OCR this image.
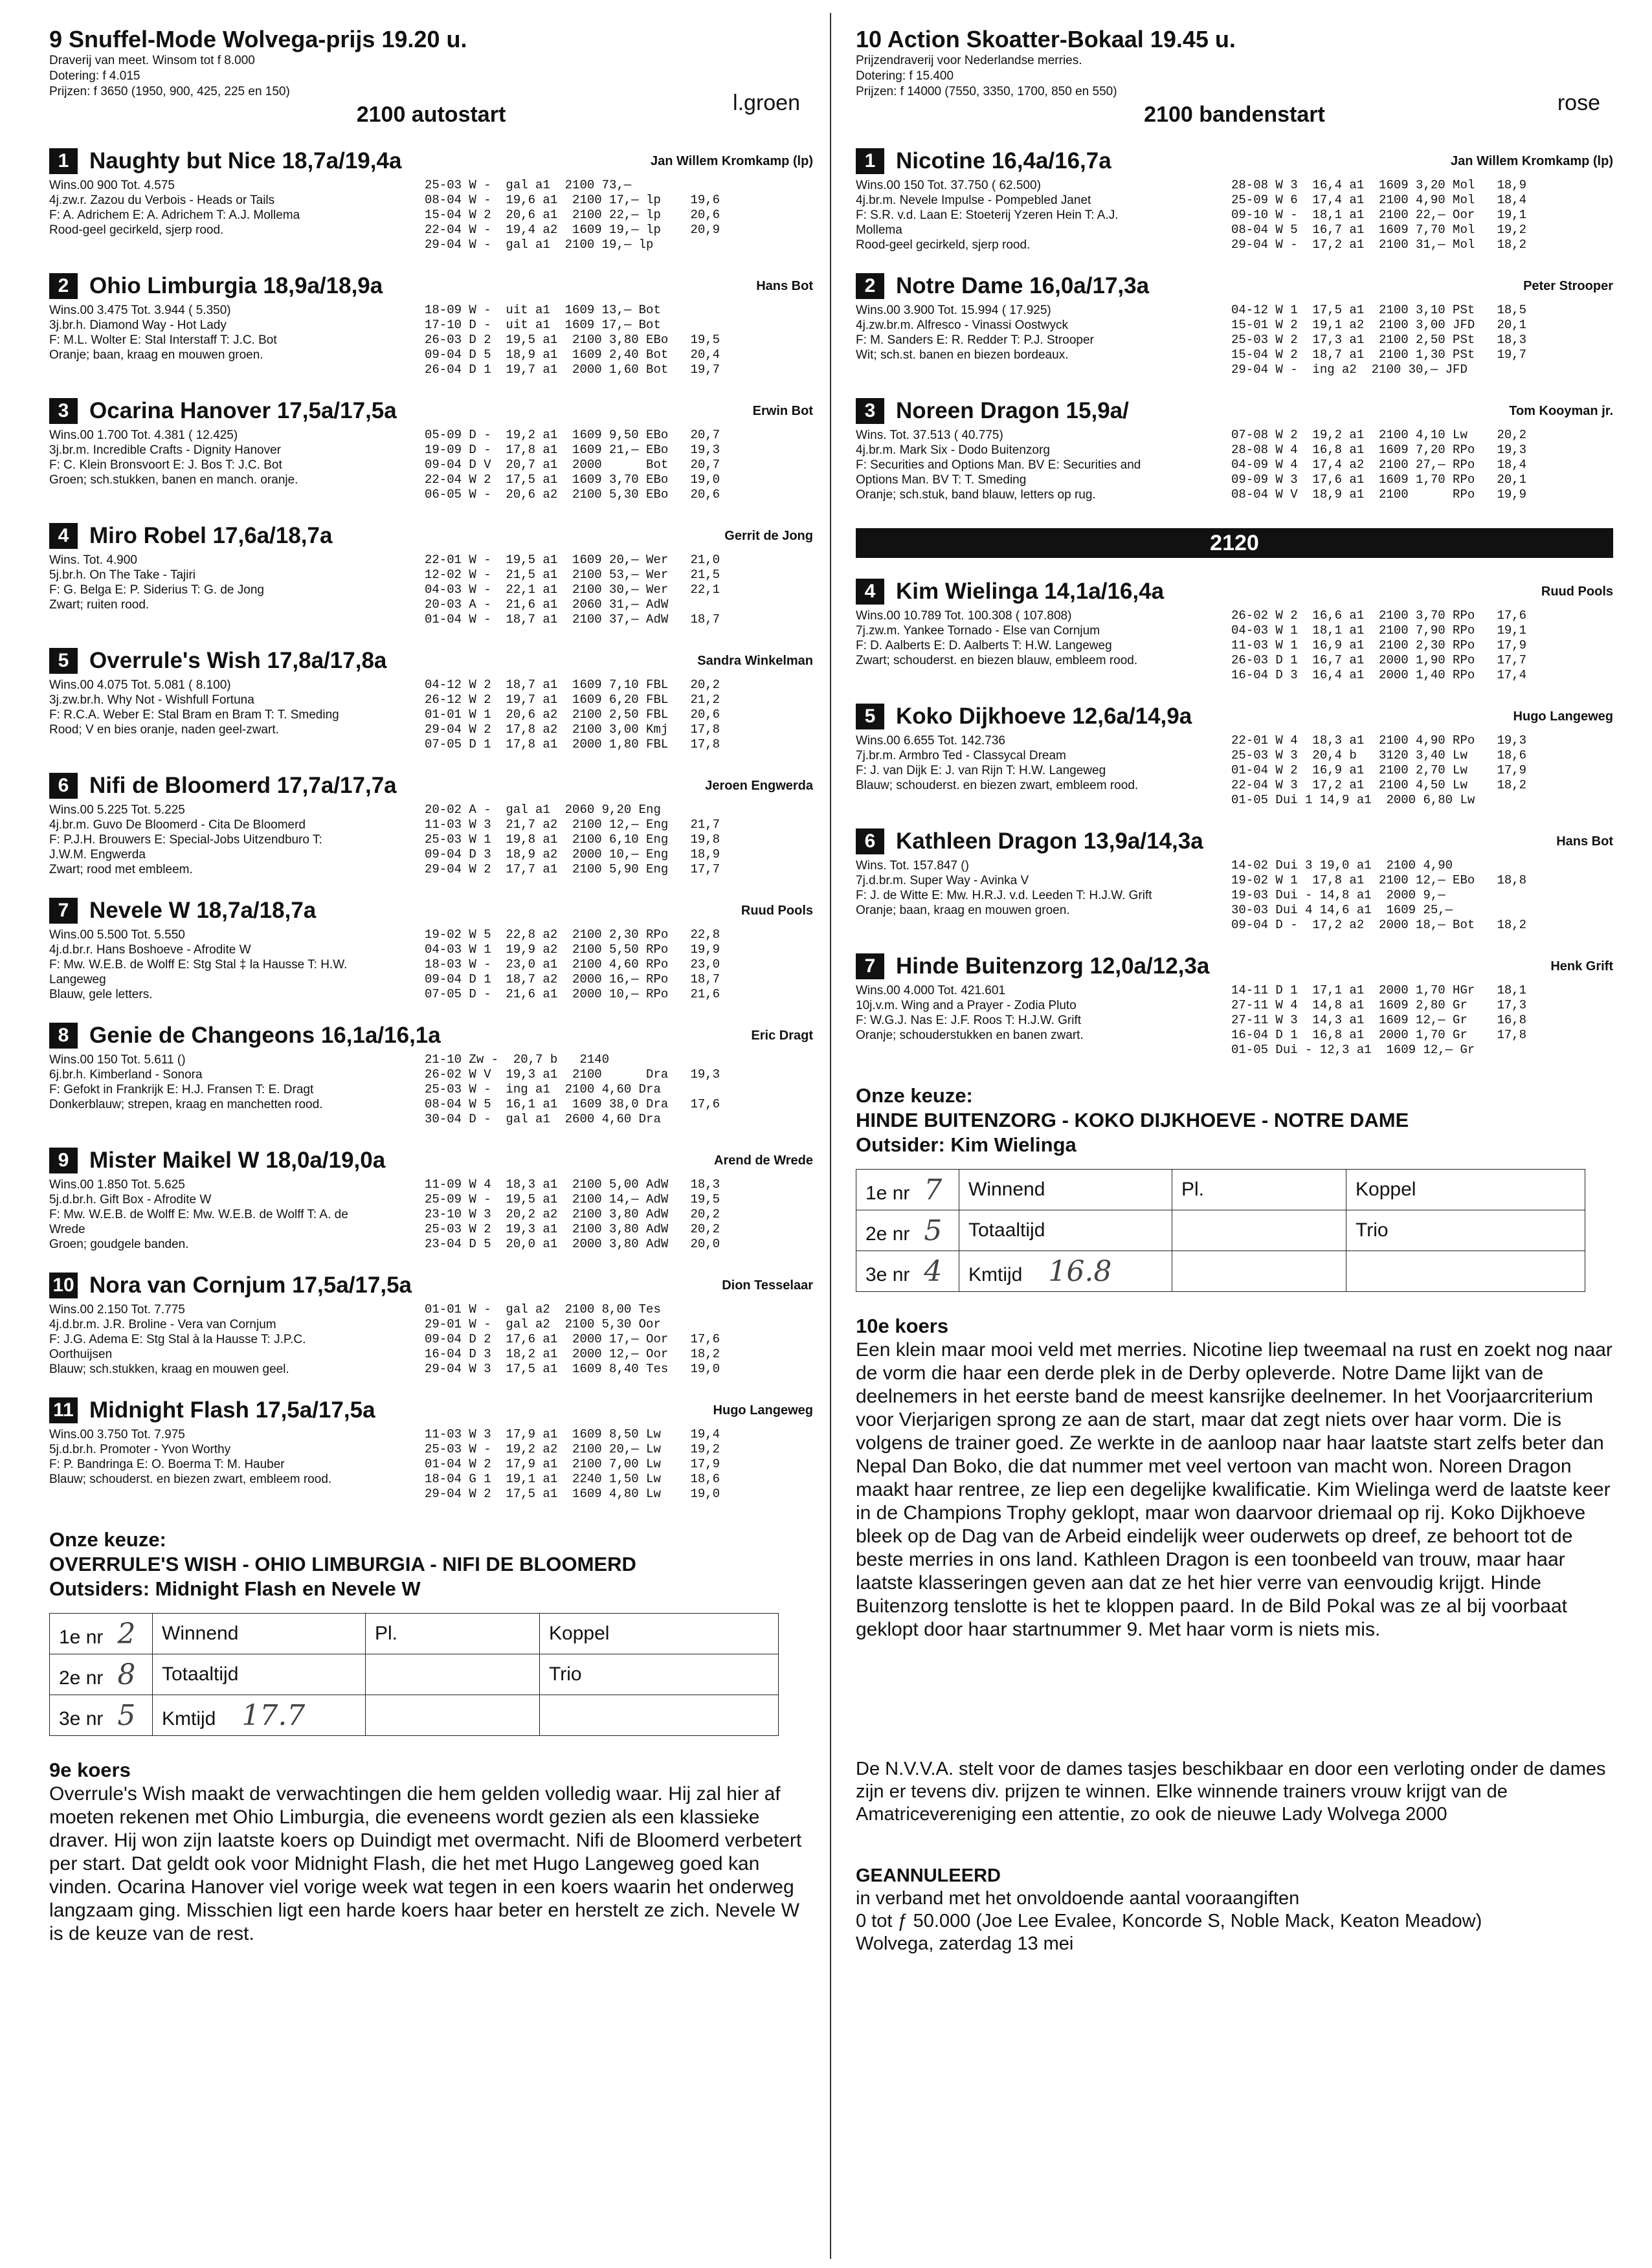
9 Snuffel-Mode Wolvega-prijs 19.20 u.
Draverij van meet. Winsom tot f 8.000
Dotering: f 4.015
Prijzen: f 3650 (1950, 900, 425, 225 en 150)	l.groen
2100 autostart
1 Naughty but Nice 18,7a/19,4a	Jan Willem Kromkamp (lp)
Wins.00 900 Tot. 4.575
4j.zw.r. Zazou du Verbois - Heads or Tails
F: A. Adrichem E: A. Adrichem T: A.J. Mollema
Rood-geel gecirkeld, sjerp rood.
25-03 W -  gal a1  2100 73,—
08-04 W -  19,6 a1  2100 17,— lp    19,6
15-04 W 2  20,6 a1  2100 22,— lp    20,6
22-04 W -  19,4 a2  1609 19,— lp    20,9
29-04 W -  gal a1  2100 19,— lp
2 Ohio Limburgia 18,9a/18,9a	Hans Bot
Wins.00 3.475 Tot. 3.944 ( 5.350)
3j.br.h. Diamond Way - Hot Lady
F: M.L. Wolter E: Stal Interstaff T: J.C. Bot
Oranje; baan, kraag en mouwen groen.
18-09 W -  uit a1  1609 13,— Bot
17-10 D -  uit a1  1609 17,— Bot
26-03 D 2  19,5 a1  2100 3,80 EBo   19,5
09-04 D 5  18,9 a1  1609 2,40 Bot   20,4
26-04 D 1  19,7 a1  2000 1,60 Bot   19,7
3 Ocarina Hanover 17,5a/17,5a	Erwin Bot
Wins.00 1.700 Tot. 4.381 ( 12.425)
3j.br.m. Incredible Crafts - Dignity Hanover
F: C. Klein Bronsvoort E: J. Bos T: J.C. Bot
Groen; sch.stukken, banen en manch. oranje.
05-09 D -  19,2 a1  1609 9,50 EBo   20,7
19-09 D -  17,8 a1  1609 21,— EBo   19,3
09-04 D V  20,7 a1  2000      Bot   20,7
22-04 W 2  17,5 a1  1609 3,70 EBo   19,0
06-05 W -  20,6 a2  2100 5,30 EBo   20,6
4 Miro Robel 17,6a/18,7a	Gerrit de Jong
Wins. Tot. 4.900
5j.br.h. On The Take - Tajiri
F: G. Belga E: P. Siderius T: G. de Jong
Zwart; ruiten rood.
22-01 W -  19,5 a1  1609 20,— Wer   21,0
12-02 W -  21,5 a1  2100 53,— Wer   21,5
04-03 W -  22,1 a1  2100 30,— Wer   22,1
20-03 A -  21,6 a1  2060 31,— AdW
01-04 W -  18,7 a1  2100 37,— AdW   18,7
5 Overrule's Wish 17,8a/17,8a	Sandra Winkelman
Wins.00 4.075 Tot. 5.081 ( 8.100)
3j.zw.br.h. Why Not - Wishfull Fortuna
F: R.C.A. Weber E: Stal Bram en Bram T: T. Smeding
Rood; V en bies oranje, naden geel-zwart.
04-12 W 2  18,7 a1  1609 7,10 FBL   20,2
26-12 W 2  19,7 a1  1609 6,20 FBL   21,2
01-01 W 1  20,6 a2  2100 2,50 FBL   20,6
29-04 W 2  17,8 a2  2100 3,00 Kmj   17,8
07-05 D 1  17,8 a1  2000 1,80 FBL   17,8
6 Nifi de Bloomerd 17,7a/17,7a	Jeroen Engwerda
Wins.00 5.225 Tot. 5.225
4j.br.m. Guvo De Bloomerd - Cita De Bloomerd
F: P.J.H. Brouwers E: Special-Jobs Uitzendburo T:
J.W.M. Engwerda
Zwart; rood met embleem.
20-02 A -  gal a1  2060 9,20 Eng
11-03 W 3  21,7 a2  2100 12,— Eng   21,7
25-03 W 1  19,8 a1  2100 6,10 Eng   19,8
09-04 D 3  18,9 a2  2000 10,— Eng   18,9
29-04 W 2  17,7 a1  2100 5,90 Eng   17,7
7 Nevele W 18,7a/18,7a	Ruud Pools
Wins.00 5.500 Tot. 5.550
4j.d.br.r. Hans Boshoeve - Afrodite W
F: Mw. W.E.B. de Wolff E: Stg Stal ‡ la Hausse T: H.W.
Langeweg
Blauw, gele letters.
19-02 W 5  22,8 a2  2100 2,30 RPo   22,8
04-03 W 1  19,9 a2  2100 5,50 RPo   19,9
18-03 W -  23,0 a1  2100 4,60 RPo   23,0
09-04 D 1  18,7 a2  2000 16,— RPo   18,7
07-05 D -  21,6 a1  2000 10,— RPo   21,6
8 Genie de Changeons 16,1a/16,1a	Eric Dragt
Wins.00 150 Tot. 5.611 ()
6j.br.h. Kimberland - Sonora
F: Gefokt in Frankrijk E: H.J. Fransen T: E. Dragt
Donkerblauw; strepen, kraag en manchetten rood.
21-10 Zw -  20,7 b   2140
26-02 W V  19,3 a1  2100      Dra   19,3
25-03 W -  ing a1  2100 4,60 Dra
08-04 W 5  16,1 a1  1609 38,0 Dra   17,6
30-04 D -  gal a1  2600 4,60 Dra
9 Mister Maikel W 18,0a/19,0a	Arend de Wrede
Wins.00 1.850 Tot. 5.625
5j.d.br.h. Gift Box - Afrodite W
F: Mw. W.E.B. de Wolff E: Mw. W.E.B. de Wolff T: A. de
Wrede
Groen; goudgele banden.
11-09 W 4  18,3 a1  2100 5,00 AdW   18,3
25-09 W -  19,5 a1  2100 14,— AdW   19,5
23-10 W 3  20,2 a2  2100 3,80 AdW   20,2
25-03 W 2  19,3 a1  2100 3,80 AdW   20,2
23-04 D 5  20,0 a1  2000 3,80 AdW   20,0
10 Nora van Cornjum 17,5a/17,5a	Dion Tesselaar
Wins.00 2.150 Tot. 7.775
4j.d.br.m. J.R. Broline - Vera van Cornjum
F: J.G. Adema E: Stg Stal à la Hausse T: J.P.C.
Oorthuijsen
Blauw; sch.stukken, kraag en mouwen geel.
01-01 W -  gal a2  2100 8,00 Tes
29-01 W -  gal a2  2100 5,30 Oor
09-04 D 2  17,6 a1  2000 17,— Oor   17,6
16-04 D 3  18,2 a1  2000 12,— Oor   18,2
29-04 W 3  17,5 a1  1609 8,40 Tes   19,0
11 Midnight Flash 17,5a/17,5a	Hugo Langeweg
Wins.00 3.750 Tot. 7.975
5j.d.br.h. Promoter - Yvon Worthy
F: P. Bandringa E: O. Boerma T: M. Hauber
Blauw; schouderst. en biezen zwart, embleem rood.
11-03 W 3  17,9 a1  1609 8,50 Lw    19,4
25-03 W -  19,2 a2  2100 20,— Lw    19,2
01-04 W 2  17,9 a1  2100 7,00 Lw    17,9
18-04 G 1  19,1 a1  2240 1,50 Lw    18,6
29-04 W 2  17,5 a1  1609 4,80 Lw    19,0
Onze keuze:
OVERRULE'S WISH - OHIO LIMBURGIA - NIFI DE BLOOMERD
Outsiders: Midnight Flash en Nevele W
1e nr 2	Winnend	Pl.	Koppel
2e nr 8	Totaaltijd		Trio
3e nr 5	Kmtijd 17.7		
9e koers

Overrule's Wish maakt de verwachtingen die hem gelden volledig waar. Hij zal hier af moeten rekenen met Ohio Limburgia, die eveneens wordt gezien als een klassieke draver. Hij won zijn laatste koers op Duindigt met overmacht. Nifi de Bloomerd verbetert per start. Dat geldt ook voor Midnight Flash, die het met Hugo Langeweg goed kan vinden. Ocarina Hanover viel vorige week wat tegen in een koers waarin het onderweg langzaam ging. Misschien ligt een harde koers haar beter en herstelt ze zich. Nevele W is de keuze van de rest.

10 Action Skoatter-Bokaal 19.45 u.
Prijzendraverij voor Nederlandse merries.
Dotering: f 15.400
Prijzen: f 14000 (7550, 3350, 1700, 850 en 550)	rose
2100 bandenstart
1 Nicotine 16,4a/16,7a	Jan Willem Kromkamp (lp)
Wins.00 150 Tot. 37.750 ( 62.500)
4j.br.m. Nevele Impulse - Pompebled Janet
F: S.R. v.d. Laan E: Stoeterij Yzeren Hein T: A.J.
Mollema
Rood-geel gecirkeld, sjerp rood.
28-08 W 3  16,4 a1  1609 3,20 Mol   18,9
25-09 W 6  17,4 a1  2100 4,90 Mol   18,4
09-10 W -  18,1 a1  2100 22,— Oor   19,1
08-04 W 5  16,7 a1  1609 7,70 Mol   19,2
29-04 W -  17,2 a1  2100 31,— Mol   18,2
2 Notre Dame 16,0a/17,3a	Peter Strooper
Wins.00 3.900 Tot. 15.994 ( 17.925)
4j.zw.br.m. Alfresco - Vinassi Oostwyck
F: M. Sanders E: R. Redder T: P.J. Strooper
Wit; sch.st. banen en biezen bordeaux.
04-12 W 1  17,5 a1  2100 3,10 PSt   18,5
15-01 W 2  19,1 a2  2100 3,00 JFD   20,1
25-03 W 2  17,3 a1  2100 2,50 PSt   18,3
15-04 W 2  18,7 a1  2100 1,30 PSt   19,7
29-04 W -  ing a2  2100 30,— JFD
3 Noreen Dragon 15,9a/	Tom Kooyman jr.
Wins. Tot. 37.513 ( 40.775)
4j.br.m. Mark Six - Dodo Buitenzorg
F: Securities and Options Man. BV E: Securities and
Options Man. BV T: T. Smeding
Oranje; sch.stuk, band blauw, letters op rug.
07-08 W 2  19,2 a1  2100 4,10 Lw    20,2
28-08 W 4  16,8 a1  1609 7,20 RPo   19,3
04-09 W 4  17,4 a2  2100 27,— RPo   18,4
09-09 W 3  17,6 a1  1609 1,70 RPo   20,1
08-04 W V  18,9 a1  2100      RPo   19,9
2120
4 Kim Wielinga 14,1a/16,4a	Ruud Pools
Wins.00 10.789 Tot. 100.308 ( 107.808)
7j.zw.m. Yankee Tornado - Else van Cornjum
F: D. Aalberts E: D. Aalberts T: H.W. Langeweg
Zwart; schouderst. en biezen blauw, embleem rood.
26-02 W 2  16,6 a1  2100 3,70 RPo   17,6
04-03 W 1  18,1 a1  2100 7,90 RPo   19,1
11-03 W 1  16,9 a1  2100 2,30 RPo   17,9
26-03 D 1  16,7 a1  2000 1,90 RPo   17,7
16-04 D 3  16,4 a1  2000 1,40 RPo   17,4
5 Koko Dijkhoeve 12,6a/14,9a	Hugo Langeweg
Wins.00 6.655 Tot. 142.736
7j.br.m. Armbro Ted - Classycal Dream
F: J. van Dijk E: J. van Rijn T: H.W. Langeweg
Blauw; schouderst. en biezen zwart, embleem rood.
22-01 W 4  18,3 a1  2100 4,90 RPo   19,3
25-03 W 3  20,4 b   3120 3,40 Lw    18,6
01-04 W 2  16,9 a1  2100 2,70 Lw    17,9
22-04 W 3  17,2 a1  2100 4,50 Lw    18,2
01-05 Dui 1 14,9 a1  2000 6,80 Lw
6 Kathleen Dragon 13,9a/14,3a	Hans Bot
Wins. Tot. 157.847 ()
7j.d.br.m. Super Way - Avinka V
F: J. de Witte E: Mw. H.R.J. v.d. Leeden T: H.J.W. Grift
Oranje; baan, kraag en mouwen groen.
14-02 Dui 3 19,0 a1  2100 4,90
19-02 W 1  17,8 a1  2100 12,— EBo   18,8
19-03 Dui - 14,8 a1  2000 9,—
30-03 Dui 4 14,6 a1  1609 25,—
09-04 D -  17,2 a2  2000 18,— Bot   18,2
7 Hinde Buitenzorg 12,0a/12,3a	Henk Grift
Wins.00 4.000 Tot. 421.601
10j.v.m. Wing and a Prayer - Zodia Pluto
F: W.G.J. Nas E: J.F. Roos T: H.J.W. Grift
Oranje; schouderstukken en banen zwart.
14-11 D 1  17,1 a1  2000 1,70 HGr   18,1
27-11 W 4  14,8 a1  1609 2,80 Gr    17,3
27-11 W 3  14,3 a1  1609 12,— Gr    16,8
16-04 D 1  16,8 a1  2000 1,70 Gr    17,8
01-05 Dui - 12,3 a1  1609 12,— Gr
Onze keuze:
HINDE BUITENZORG - KOKO DIJKHOEVE - NOTRE DAME
Outsider: Kim Wielinga
1e nr 7	Winnend	Pl.	Koppel
2e nr 5	Totaaltijd		Trio
3e nr 4	Kmtijd 16.8		
10e koers

Een klein maar mooi veld met merries. Nicotine liep tweemaal na rust en zoekt nog naar de vorm die haar een derde plek in de Derby opleverde. Notre Dame lijkt van de deelnemers in het eerste band de meest kansrijke deelnemer. In het Voorjaarcriterium voor Vierjarigen sprong ze aan de start, maar dat zegt niets over haar vorm. Die is volgens de trainer goed. Ze werkte in de aanloop naar haar laatste start zelfs beter dan Nepal Dan Boko, die dat nummer met veel vertoon van macht won. Noreen Dragon maakt haar rentree, ze liep een degelijke kwalificatie. Kim Wielinga werd de laatste keer in de Champions Trophy geklopt, maar won daarvoor driemaal op rij. Koko Dijkhoeve bleek op de Dag van de Arbeid eindelijk weer ouderwets op dreef, ze behoort tot de beste merries in ons land. Kathleen Dragon is een toonbeeld van trouw, maar haar laatste klasseringen geven aan dat ze het hier verre van eenvoudig krijgt. Hinde Buitenzorg tenslotte is het te kloppen paard. In de Bild Pokal was ze al bij voorbaat geklopt door haar startnummer 9. Met haar vorm is niets mis.

De N.V.V.A. stelt voor de dames tasjes beschikbaar en door een verloting onder de dames zijn er tevens div. prijzen te winnen. Elke winnende trainers vrouw krijgt van de Amatricevereniging een attentie, zo ook de nieuwe Lady Wolvega 2000

GEANNULEERD

in verband met het onvoldoende aantal vooraangiften

0 tot ƒ 50.000 (Joe Lee Evalee, Koncorde S, Noble Mack, Keaton Meadow)

Wolvega, zaterdag 13 mei
